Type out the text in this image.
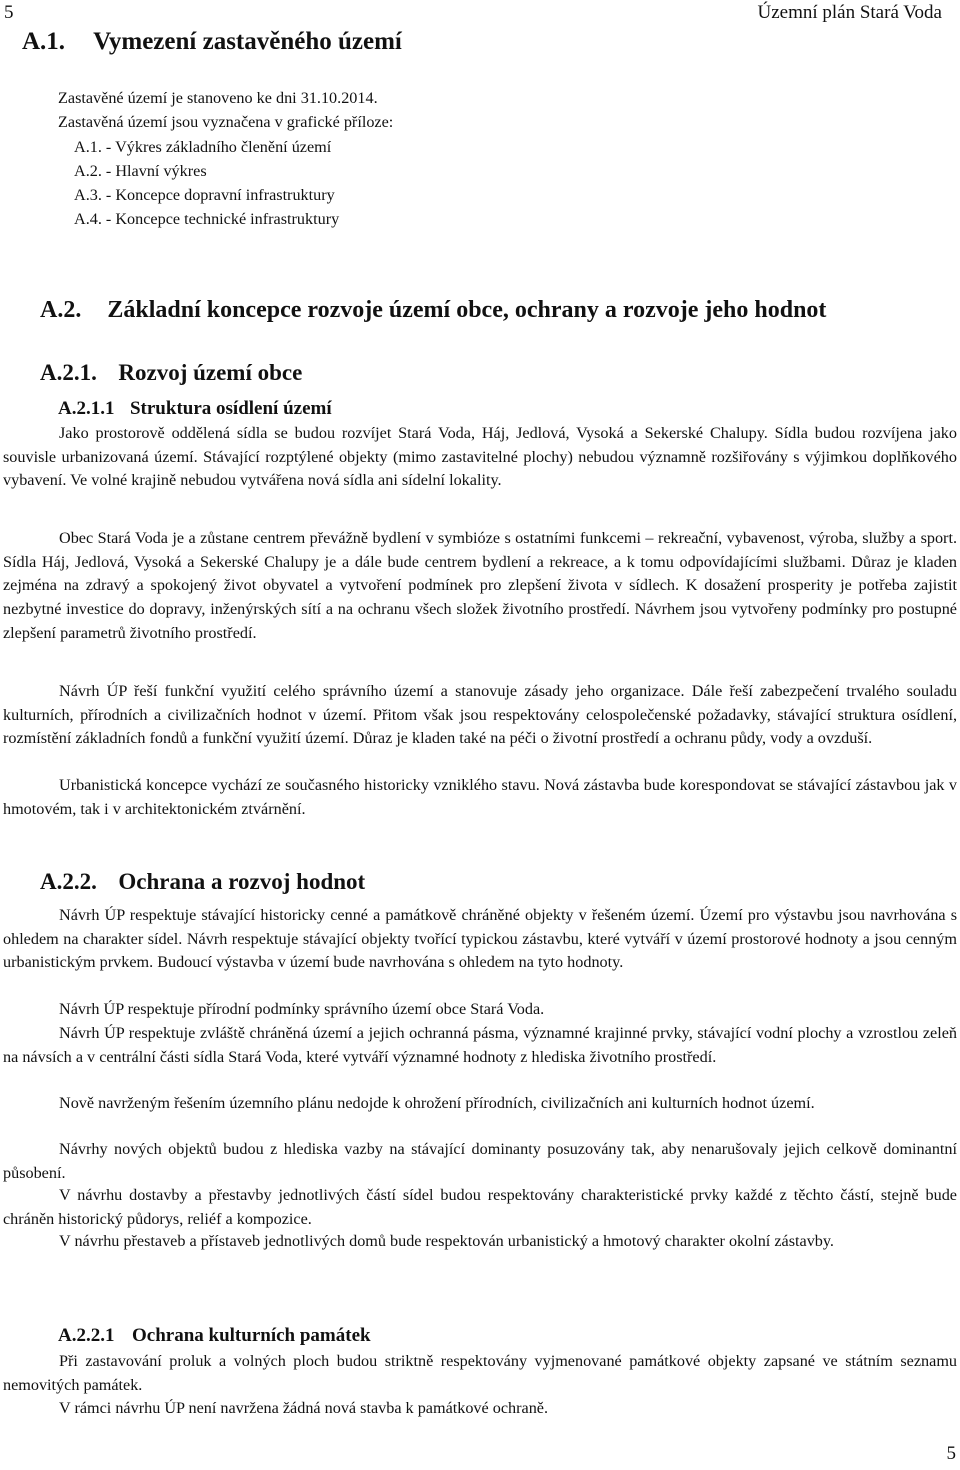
5	Územní plán Stará Voda
A.1. Vymezení zastavěného území
Zastavěné území je stanoveno ke dni 31.10.2014.
Zastavěná území jsou vyznačena v grafické příloze:
A.1. - Výkres základního členění území
A.2. - Hlavní výkres
A.3. - Koncepce dopravní infrastruktury
A.4. - Koncepce technické infrastruktury
A.2. Základní koncepce rozvoje území obce, ochrany a rozvoje jeho hodnot
A.2.1. Rozvoj území obce
A.2.1.1 Struktura osídlení území

Jako prostorově oddělená sídla se budou rozvíjet Stará Voda, Háj, Jedlová, Vysoká a Sekerské Chalupy. Sídla budou rozvíjena jako souvisle urbanizovaná území. Stávající rozptýlené objekty (mimo zastavitelné plochy) nebudou významně rozšiřovány s výjimkou doplňkového vybavení. Ve volné krajině nebudou vytvářena nová sídla ani sídelní lokality.

Obec Stará Voda je a zůstane centrem převážně bydlení v symbióze s ostatními funkcemi – rekreační, vybavenost, výroba, služby a sport. Sídla Háj, Jedlová, Vysoká a Sekerské Chalupy je a dále bude centrem bydlení a rekreace, a k tomu odpovídajícími službami. Důraz je kladen zejména na zdravý a spokojený život obyvatel a vytvoření podmínek pro zlepšení života v sídlech. K dosažení prosperity je potřeba zajistit nezbytné investice do dopravy, inženýrských sítí a na ochranu všech složek životního prostředí. Návrhem jsou vytvořeny podmínky pro postupné zlepšení parametrů životního prostředí.

Návrh ÚP řeší funkční využití celého správního území a stanovuje zásady jeho organizace. Dále řeší zabezpečení trvalého souladu kulturních, přírodních a civilizačních hodnot v území. Přitom však jsou respektovány celospolečenské požadavky, stávající struktura osídlení, rozmístění základních fondů a funkční využití území. Důraz je kladen také na péči o životní prostředí a ochranu půdy, vody a ovzduší.

Urbanistická koncepce vychází ze současného historicky vzniklého stavu. Nová zástavba bude korespondovat se stávající zástavbou jak v hmotovém, tak i v architektonickém ztvárnění.

A.2.2. Ochrana a rozvoj hodnot

Návrh ÚP respektuje stávající historicky cenné a památkově chráněné objekty v řešeném území. Území pro výstavbu jsou navrhována s ohledem na charakter sídel. Návrh respektuje stávající objekty tvořící typickou zástavbu, které vytváří v území prostorové hodnoty a jsou cenným urbanistickým prvkem. Budoucí výstavba v území bude navrhována s ohledem na tyto hodnoty.

Návrh ÚP respektuje přírodní podmínky správního území obce Stará Voda.

Návrh ÚP respektuje zvláště chráněná území a jejich ochranná pásma, významné krajinné prvky, stávající vodní plochy a vzrostlou zeleň na návsích a v centrální části sídla Stará Voda, které vytváří významné hodnoty z hlediska životního prostředí.

Nově navrženým řešením územního plánu nedojde k ohrožení přírodních, civilizačních ani kulturních hodnot území.

Návrhy nových objektů budou z hlediska vazby na stávající dominanty posuzovány tak, aby nenarušovaly jejich celkově dominantní působení.

V návrhu dostavby a přestavby jednotlivých částí sídel budou respektovány charakteristické prvky každé z těchto částí, stejně bude chráněn historický půdorys, reliéf a kompozice.

V návrhu přestaveb a přístaveb jednotlivých domů bude respektován urbanistický a hmotový charakter okolní zástavby.

A.2.2.1 Ochrana kulturních památek

Při zastavování proluk a volných ploch budou striktně respektovány vyjmenované památkové objekty zapsané ve státním seznamu nemovitých památek.

V rámci návrhu ÚP není navržena žádná nová stavba k památkové ochraně.

5
